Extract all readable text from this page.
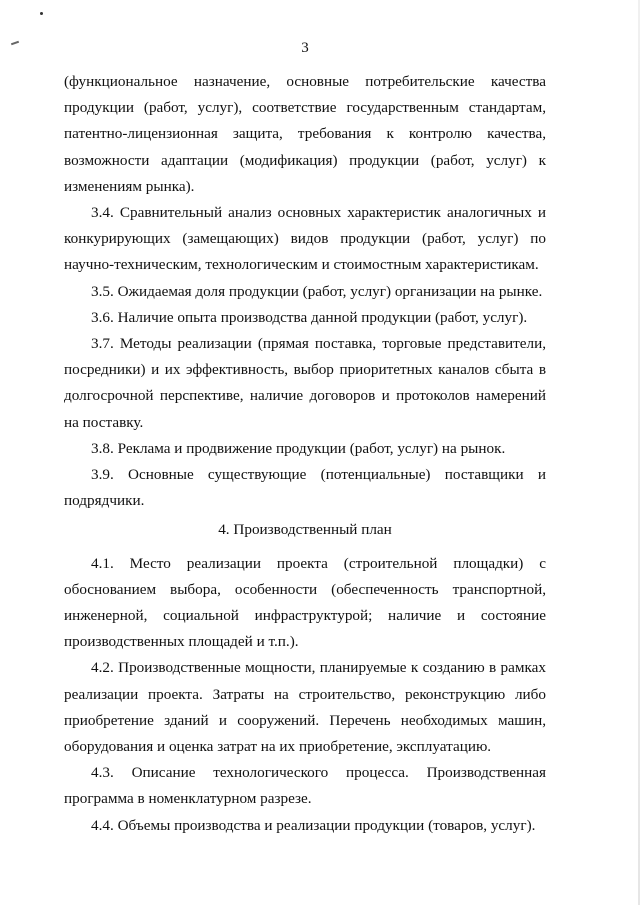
3

(функциональное назначение, основные потребительские качества продукции (работ, услуг), соответствие государственным стандартам, патентно-лицензионная защита, требования к контролю качества, возможности адаптации (модификация) продукции (работ, услуг) к изменениям рынка).

3.4. Сравнительный анализ основных характеристик аналогичных и конкурирующих (замещающих) видов продукции (работ, услуг) по научно-техническим, технологическим и стоимостным характеристикам.

3.5. Ожидаемая доля продукции (работ, услуг) организации на рынке.

3.6. Наличие опыта производства данной продукции (работ, услуг).

3.7. Методы реализации (прямая поставка, торговые представители, посредники) и их эффективность, выбор приоритетных каналов сбыта в долгосрочной перспективе, наличие договоров и протоколов намерений на поставку.

3.8. Реклама и продвижение продукции (работ, услуг) на рынок.

3.9. Основные существующие (потенциальные) поставщики и подрядчики.

4. Производственный план

4.1. Место реализации проекта (строительной площадки) с обоснованием выбора, особенности (обеспеченность транспортной, инженерной, социальной инфраструктурой; наличие и состояние производственных площадей и т.п.).

4.2. Производственные мощности, планируемые к созданию в рамках реализации проекта. Затраты на строительство, реконструкцию либо приобретение зданий и сооружений. Перечень необходимых машин, оборудования и оценка затрат на их приобретение, эксплуатацию.

4.3. Описание технологического процесса. Производственная программа в номенклатурном разрезе.

4.4. Объемы производства и реализации продукции (товаров, услуг).
